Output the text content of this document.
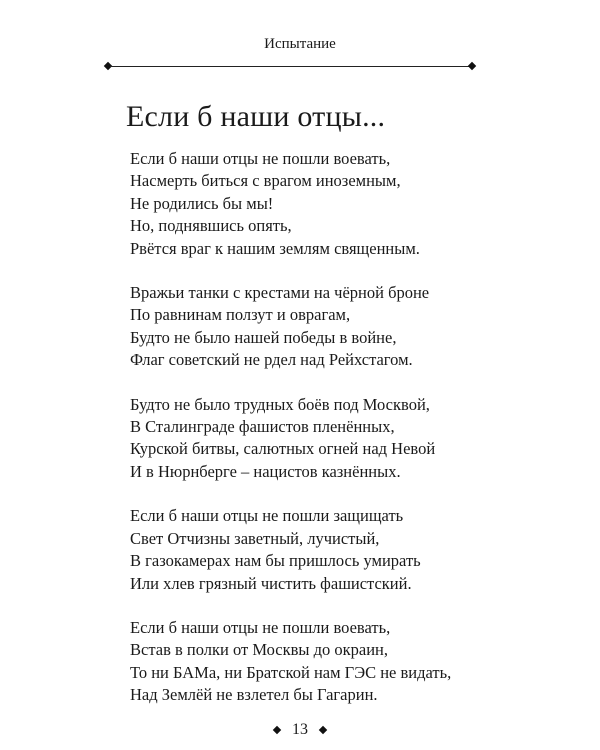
Испытание
Если б наши отцы...
Если б наши отцы не пошли воевать,
Насмерть биться с врагом иноземным,
Не родились бы мы!
Но, поднявшись опять,
Рвётся враг к нашим землям священным.
Вражьи танки с крестами на чёрной броне
По равнинам ползут и оврагам,
Будто не было нашей победы в войне,
Флаг советский не рдел над Рейхстагом.
Будто не было трудных боёв под Москвой,
В Сталинграде фашистов пленённых,
Курской битвы, салютных огней над Невой
И в Нюрнберге – нацистов казнённых.
Если б наши отцы не пошли защищать
Свет Отчизны заветный, лучистый,
В газокамерах нам бы пришлось умирать
Или хлев грязный чистить фашистский.
Если б наши отцы не пошли воевать,
Встав в полки от Москвы до окраин,
То ни БАМа, ни Братской нам ГЭС не видать,
Над Землёй не взлетел бы Гагарин.
13
